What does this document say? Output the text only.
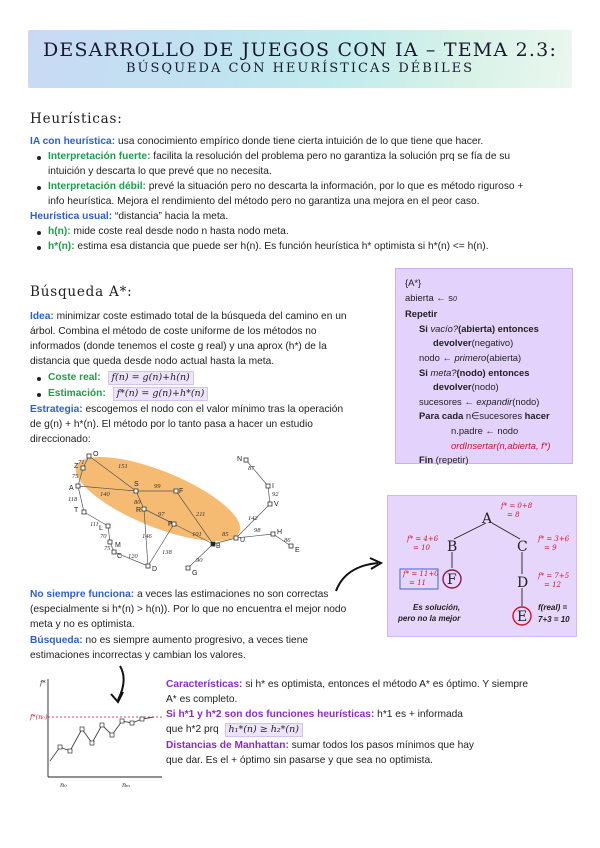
DESARROLLO DE JUEGOS CON IA – TEMA 2.3:
BÚSQUEDA CON HEURÍSTICAS DÉBILES
Heurísticas:
IA con heurística: usa conocimiento empírico donde tiene cierta intuición de lo que tiene que hacer.
Interpretación fuerte: facilita la resolución del problema pero no garantiza la solución prq se fía de su
intuición y descarta lo que prevé que no necesita.
Interpretación débil: prevé la situación pero no descarta la información, por lo que es método riguroso +
info heurística. Mejora el rendimiento del método pero no garantiza una mejora en el peor caso.
Heurística usual: “distancia” hacia la meta.
h(n): mide coste real desde nodo n hasta nodo meta.
h*(n): estima esa distancia que puede ser h(n). Es función heurística h* optimista si h*(n) <= h(n).
Búsqueda A*:
Idea: minimizar coste estimado total de la búsqueda del camino en un
árbol. Combina el método de coste uniforme de los métodos no
informados (donde tenemos el coste g real) y una aprox (h*) de la
distancia que queda desde nodo actual hasta la meta.
Coste real: f(n) = g(n)+h(n)
Estimación: f*(n) = g(n)+h*(n)
Estrategia: escogemos el nodo con el valor mínimo tras la operación
de g(n) + h*(n). El método por lo tanto pasa a hacer un estudio
direccionado:
{A*}
abierta ← s0
Repetir
Si vacío?(abierta) entonces
devolver(negativo)
nodo ← primero(abierta)
Si meta?(nodo) entonces
devolver(nodo)
sucesores ← expandir(nodo)
Para cada n∈sucesores hacer
n.padre ← nodo
ordInsertar(n,abierta, f*)
Fin (repetir)
71
75
151
140
118
99
80
211
111
97
146
70	101
138
120
75
90
85
98
86
142
92
87
O
Z
A
S
T	R
L
F
M
P
B
C
D
G
U
N
I
V
H
E
A
B	C
D
F
E
f* = 0+8
= 8
f* = 4+6
= 10
f* = 3+6
= 9
f* = 11+0
= 11
f* = 7+5
= 12
Es solución,
pero no la mejor
f(real) =
7+3 = 10
No siempre funciona: a veces las estimaciones no son correctas
(especialmente si h*(n) > h(n)). Por lo que no encuentra el mejor nodo
meta y no es optimista.
Búsqueda: no es siempre aumento progresivo, a veces tiene
estimaciones incorrectas y cambian los valores.
f*
f*(n₀)
n₀	nₘ
Características: si h* es optimista, entonces el método A* es óptimo. Y siempre
A* es completo.
Si h*1 y h*2 son dos funciones heurísticas: h*1 es + informada
que h*2 prq h₁*(n) ≥ h₂*(n)
Distancias de Manhattan: sumar todos los pasos mínimos que hay
que dar. Es el + óptimo sin pasarse y que sea no optimista.
